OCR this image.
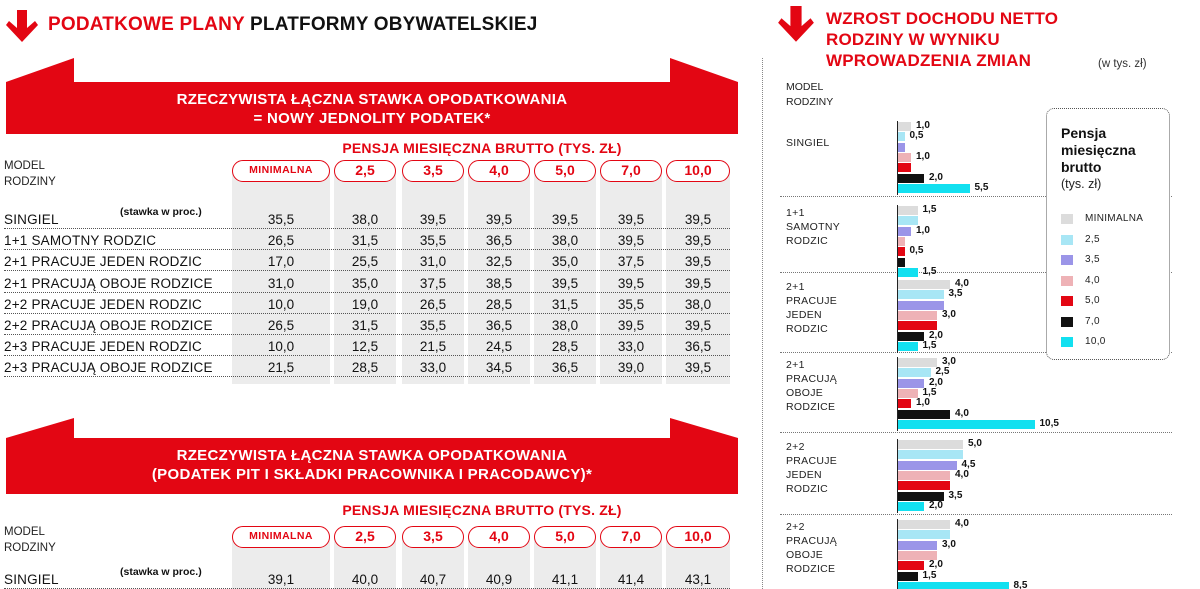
PODATKOWE PLANY PLATFORMY OBYWATELSKIEJ
RZECZYWISTA ŁĄCZNA STAWKA OPODATKOWANIA
= NOWY JEDNOLITY PODATEK*
PENSJA MIESIĘCZNA BRUTTO (TYS. ZŁ)
MODEL
RODZINY
MINIMALNA	2,5	3,5	4,0	5,0	7,0	10,0
SINGIEL	(stawka w proc.)	35,5	38,0	39,5	39,5	39,5	39,5	39,5
1+1 SAMOTNY RODZIC	26,5	31,5	35,5	36,5	38,0	39,5	39,5
2+1 PRACUJE JEDEN RODZIC	17,0	25,5	31,0	32,5	35,0	37,5	39,5
2+1 PRACUJĄ OBOJE RODZICE	31,0	35,0	37,5	38,5	39,5	39,5	39,5
2+2 PRACUJE JEDEN RODZIC	10,0	19,0	26,5	28,5	31,5	35,5	38,0
2+2 PRACUJĄ OBOJE RODZICE	26,5	31,5	35,5	36,5	38,0	39,5	39,5
2+3 PRACUJE JEDEN RODZIC	10,0	12,5	21,5	24,5	28,5	33,0	36,5
2+3 PRACUJĄ OBOJE RODZICE	21,5	28,5	33,0	34,5	36,5	39,0	39,5
RZECZYWISTA ŁĄCZNA STAWKA OPODATKOWANIA
(PODATEK PIT I SKŁADKI PRACOWNIKA I PRACODAWCY)*
PENSJA MIESIĘCZNA BRUTTO (TYS. ZŁ)
MODEL
RODZINY
MINIMALNA	2,5	3,5	4,0	5,0	7,0	10,0
SINGIEL	(stawka w proc.)	39,1	40,0	40,7	40,9	41,1	41,4	43,1
WZROST DOCHODU NETTO
RODZINY W WYNIKU
WPROWADZENIA ZMIAN	(w tys. zł)
MODEL
RODZINY
SINGIEL
1,0
0,5
1,0
2,0
5,5
1+1
SAMOTNY
RODZIC
1,5
1,0
0,5
1,5
2+1
PRACUJE
JEDEN
RODZIC
4,0
3,5
3,0
2,0
1,5
2+1
PRACUJĄ
OBOJE
RODZICE
3,0
2,5
2,0
1,5
1,0
4,0
10,5
2+2
PRACUJE
JEDEN
RODZIC
5,0
4,5
4,0
3,5
2,0
2+2
PRACUJĄ
OBOJE
RODZICE
4,0
3,0
2,0
1,5
8,5
Pensja
miesięczna
brutto
(tys. zł)
MINIMALNA
2,5
3,5
4,0
5,0
7,0
10,0
